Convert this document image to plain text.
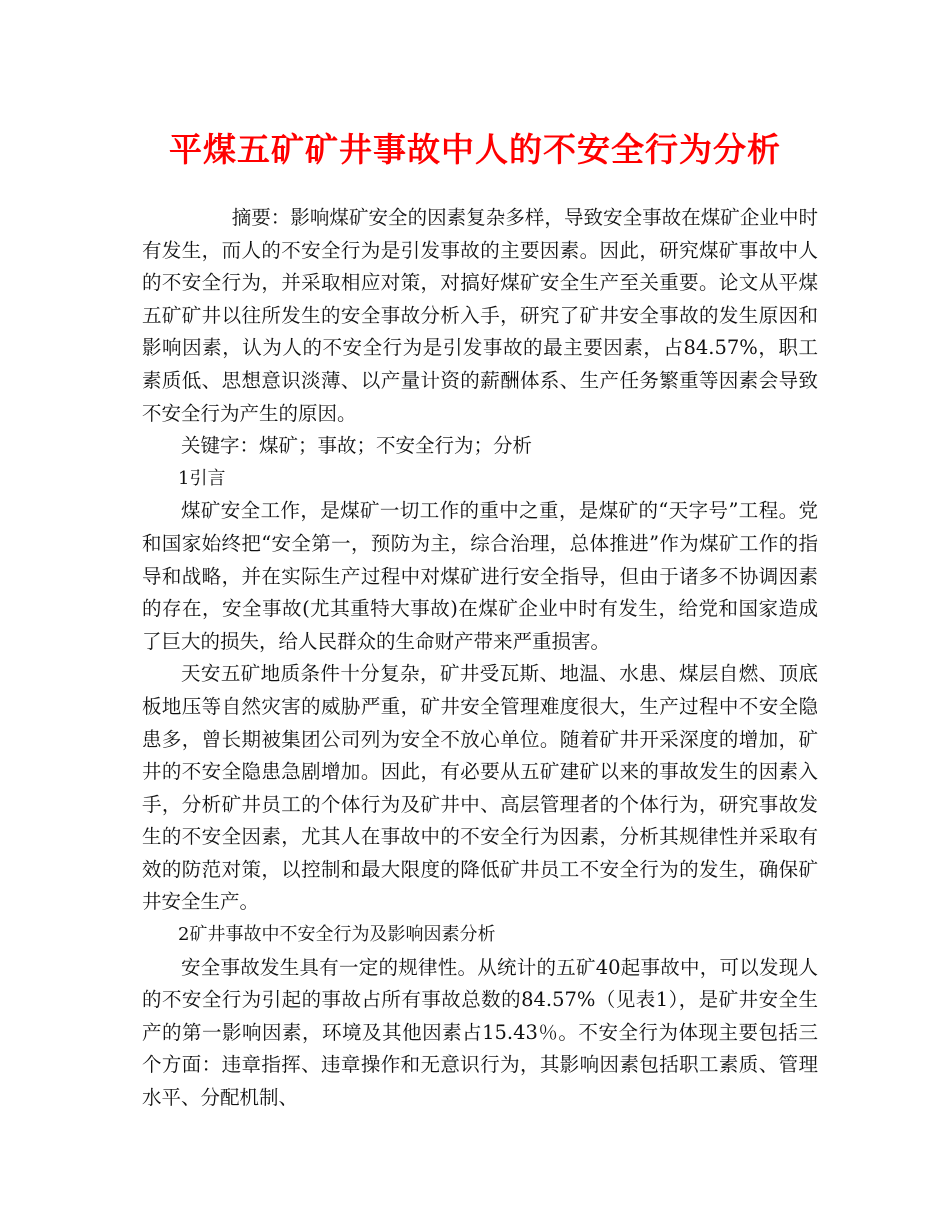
平煤五矿矿井事故中人的不安全行为分析

摘要：影响煤矿安全的因素复杂多样，导致安全事故在煤矿企业中时有发生，而人的不安全行为是引发事故的主要因素。因此，研究煤矿事故中人的不安全行为，并采取相应对策，对搞好煤矿安全生产至关重要。论文从平煤五矿矿井以往所发生的安全事故分析入手，研究了矿井安全事故的发生原因和影响因素，认为人的不安全行为是引发事故的最主要因素，占84.57%，职工素质低、思想意识淡薄、以产量计资的薪酬体系、生产任务繁重等因素会导致不安全行为产生的原因。

关键字：煤矿；事故；不安全行为；分析

1引言

煤矿安全工作，是煤矿一切工作的重中之重，是煤矿的“天字号”工程。党和国家始终把“安全第一，预防为主，综合治理，总体推进”作为煤矿工作的指导和战略，并在实际生产过程中对煤矿进行安全指导，但由于诸多不协调因素的存在，安全事故(尤其重特大事故)在煤矿企业中时有发生，给党和国家造成了巨大的损失，给人民群众的生命财产带来严重损害。

天安五矿地质条件十分复杂，矿井受瓦斯、地温、水患、煤层自燃、顶底板地压等自然灾害的威胁严重，矿井安全管理难度很大，生产过程中不安全隐患多，曾长期被集团公司列为安全不放心单位。随着矿井开采深度的增加，矿井的不安全隐患急剧增加。因此，有必要从五矿建矿以来的事故发生的因素入手，分析矿井员工的个体行为及矿井中、高层管理者的个体行为，研究事故发生的不安全因素，尤其人在事故中的不安全行为因素，分析其规律性并采取有效的防范对策，以控制和最大限度的降低矿井员工不安全行为的发生，确保矿井安全生产。

2矿井事故中不安全行为及影响因素分析

安全事故发生具有一定的规律性。从统计的五矿40起事故中，可以发现人的不安全行为引起的事故占所有事故总数的84.57%（见表1），是矿井安全生产的第一影响因素，环境及其他因素占15.43％。不安全行为体现主要包括三个方面：违章指挥、违章操作和无意识行为，其影响因素包括职工素质、管理水平、分配机制、
